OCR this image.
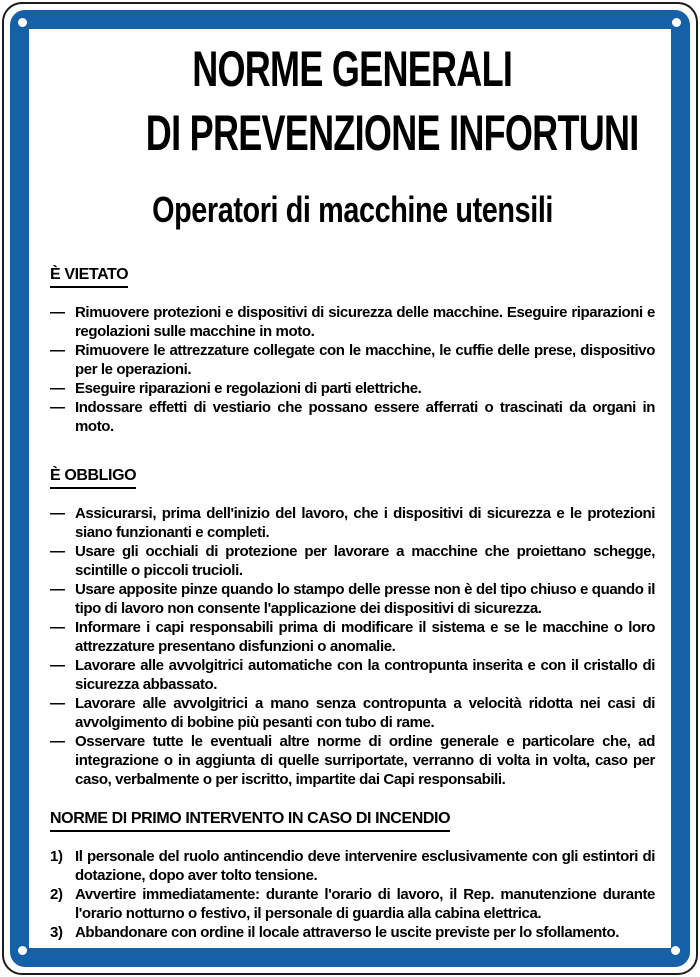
NORME GENERALI
DI PREVENZIONE INFORTUNI
Operatori di macchine utensili
È VIETATO
— Rimuovere protezioni e dispositivi di sicurezza delle macchine. Eseguire riparazioni e regolazioni sulle macchine in moto.
— Rimuovere le attrezzature collegate con le macchine, le cuffie delle prese, dispositivo per le operazioni.
— Eseguire riparazioni e regolazioni di parti elettriche.
— Indossare effetti di vestiario che possano essere afferrati o trascinati da organi in moto.
È OBBLIGO
— Assicurarsi, prima dell'inizio del lavoro, che i dispositivi di sicurezza e le protezioni siano funzionanti e completi.
— Usare gli occhiali di protezione per lavorare a macchine che proiettano schegge, scintille o piccoli trucioli.
— Usare apposite pinze quando lo stampo delle presse non è del tipo chiuso e quando il tipo di lavoro non consente l'applicazione dei dispositivi di sicurezza.
— Informare i capi responsabili prima di modificare il sistema e se le macchine o loro attrezzature presentano disfunzioni o anomalie.
— Lavorare alle avvolgitrici automatiche con la contropunta inserita e con il cristallo di sicurezza abbassato.
— Lavorare alle avvolgitrici a mano senza contropunta a velocità ridotta nei casi di avvolgimento di bobine più pesanti con tubo di rame.
— Osservare tutte le eventuali altre norme di ordine generale e particolare che, ad integrazione o in aggiunta di quelle surriportate, verranno di volta in volta, caso per caso, verbalmente o per iscritto, impartite dai Capi responsabili.
NORME DI PRIMO INTERVENTO IN CASO DI INCENDIO
1) Il personale del ruolo antincendio deve intervenire esclusivamente con gli estintori di dotazione, dopo aver tolto tensione.
2) Avvertire immediatamente: durante l'orario di lavoro, il Rep. manutenzione durante l'orario notturno o festivo, il personale di guardia alla cabina elettrica.
3) Abbandonare con ordine il locale attraverso le uscite previste per lo sfollamento.
